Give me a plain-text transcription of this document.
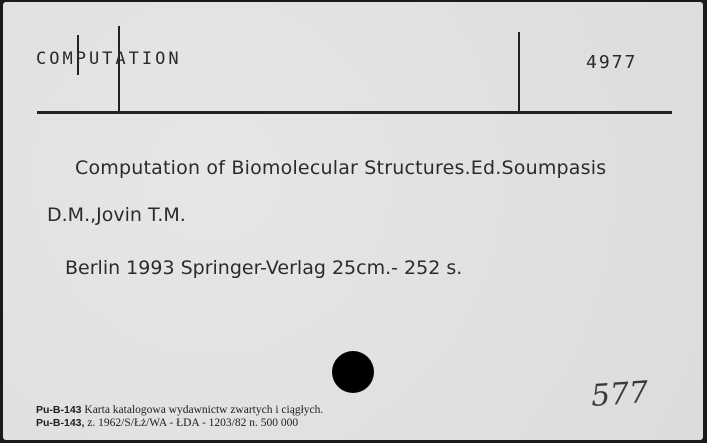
COMPUTATION	4977
Computation of Biomolecular Structures.Ed.Soumpasis
D.M.,Jovin T.M.
Berlin 1993 Springer-Verlag 25cm.- 252 s.
Pu-B-143 Karta katalogowa wydawnictw zwartych i ciągłych.
Pu-B-143, z. 1962/S/Łż/WA - ŁDA - 1203/82 n. 500 000
577
